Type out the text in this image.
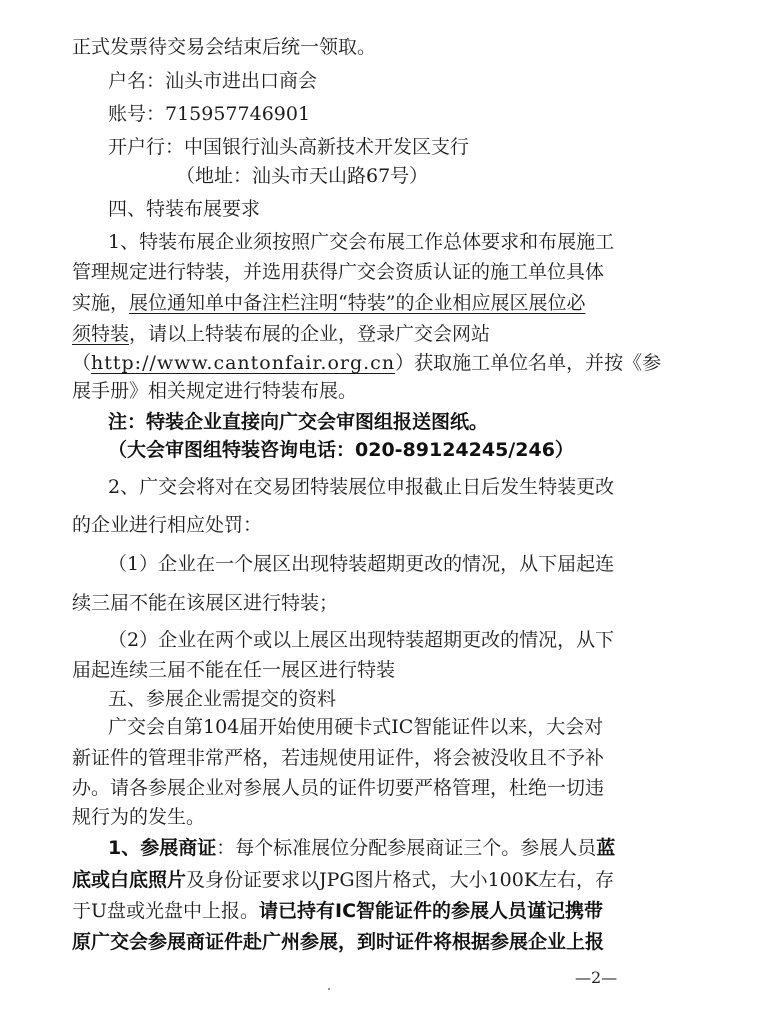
正式发票待交易会结束后统一领取。
户名：汕头市进出口商会
账号：715957746901
开户行：中国银行汕头高新技术开发区支行
（地址：汕头市天山路67号）
四、特装布展要求
1、特装布展企业须按照广交会布展工作总体要求和布展施工
管理规定进行特装，并选用获得广交会资质认证的施工单位具体
实施，展位通知单中备注栏注明“特装”的企业相应展区展位必
须特装，请以上特装布展的企业，登录广交会网站
（http://www.cantonfair.org.cn）获取施工单位名单，并按《参
展手册》相关规定进行特装布展。
注：特装企业直接向广交会审图组报送图纸。
（大会审图组特装咨询电话：020-89124245/246）
2、广交会将对在交易团特装展位申报截止日后发生特装更改
的企业进行相应处罚：
（1）企业在一个展区出现特装超期更改的情况，从下届起连
续三届不能在该展区进行特装；
（2）企业在两个或以上展区出现特装超期更改的情况，从下
届起连续三届不能在任一展区进行特装
五、参展企业需提交的资料
广交会自第104届开始使用硬卡式IC智能证件以来，大会对
新证件的管理非常严格，若违规使用证件，将会被没收且不予补
办。请各参展企业对参展人员的证件切要严格管理，杜绝一切违
规行为的发生。
1、参展商证：每个标准展位分配参展商证三个。参展人员蓝
底或白底照片及身份证要求以JPG图片格式，大小100K左右，存
于U盘或光盘中上报。请已持有IC智能证件的参展人员谨记携带
原广交会参展商证件赴广州参展，到时证件将根据参展企业上报
—2—
